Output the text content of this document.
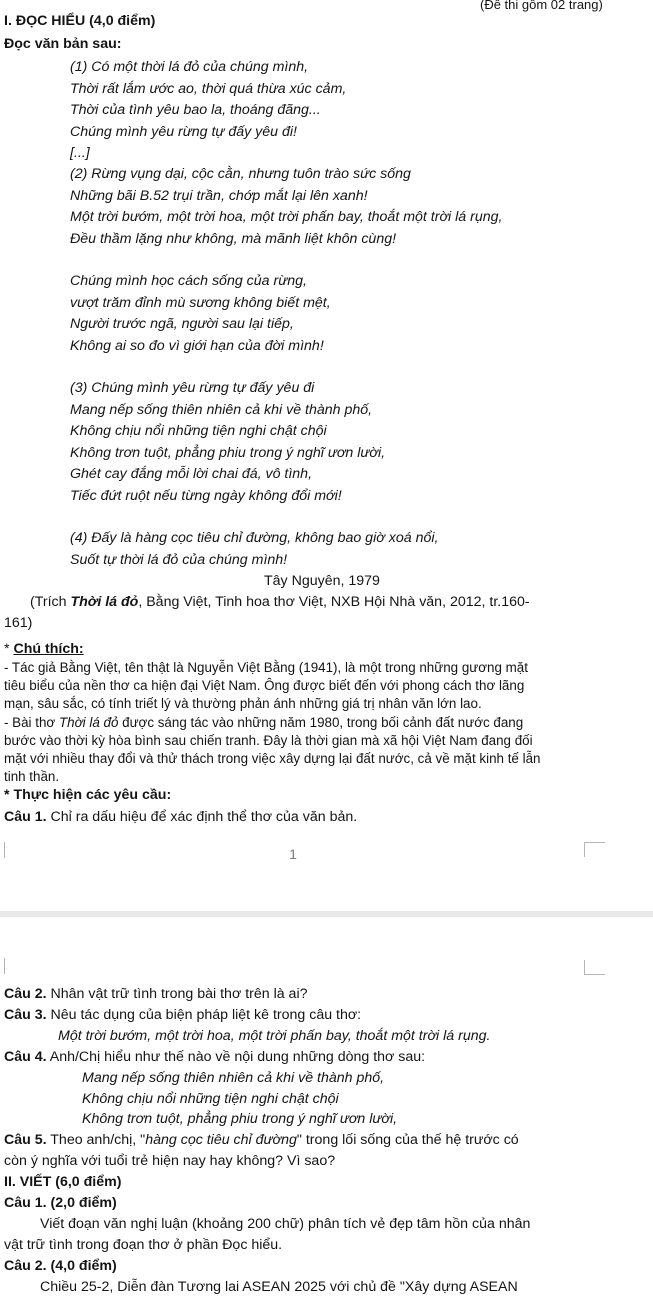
(Đề thi gồm 02 trang)
I. ĐỌC HIỂU (4,0 điểm)
Đọc văn bản sau:
(1) Có một thời lá đỏ của chúng mình,
Thời rất lắm ước ao, thời quá thừa xúc cảm,
Thời của tình yêu bao la, thoáng đãng...
Chúng mình yêu rừng tự đấy yêu đi!
[...]
(2) Rừng vụng dại, cộc cằn, nhưng tuôn trào sức sống
Những bãi B.52 trụi trần, chớp mắt lại lên xanh!
Một trời bướm, một trời hoa, một trời phấn bay, thoắt một trời lá rụng,
Đều thầm lặng như không, mà mãnh liệt khôn cùng!
Chúng mình học cách sống của rừng,
vượt trăm đỉnh mù sương không biết mệt,
Người trước ngã, người sau lại tiếp,
Không ai so đo vì giới hạn của đời mình!
(3) Chúng mình yêu rừng tự đấy yêu đi
Mang nếp sống thiên nhiên cả khi về thành phố,
Không chịu nổi những tiện nghi chật chội
Không trơn tuột, phẳng phiu trong ý nghĩ ươn lười,
Ghét cay đắng mỗi lời chai đá, vô tình,
Tiếc đứt ruột nếu từng ngày không đổi mới!
(4) Đấy là hàng cọc tiêu chỉ đường, không bao giờ xoá nổi,
Suốt tự thời lá đỏ của chúng mình!
Tây Nguyên, 1979
(Trích Thời lá đỏ, Bằng Việt, Tinh hoa thơ Việt, NXB Hội Nhà văn, 2012, tr.160-
161)
* Chú thích:
- Tác giả Bằng Việt, tên thật là Nguyễn Việt Bằng (1941), là một trong những gương mặt
tiêu biểu của nền thơ ca hiện đại Việt Nam. Ông được biết đến với phong cách thơ lãng
mạn, sâu sắc, có tính triết lý và thường phản ánh những giá trị nhân văn lớn lao.
- Bài thơ Thời lá đỏ được sáng tác vào những năm 1980, trong bối cảnh đất nước đang
bước vào thời kỳ hòa bình sau chiến tranh. Đây là thời gian mà xã hội Việt Nam đang đối
mặt với nhiều thay đổi và thử thách trong việc xây dựng lại đất nước, cả về mặt kinh tế lẫn
tinh thần.
* Thực hiện các yêu cầu:
Câu 1. Chỉ ra dấu hiệu để xác định thể thơ của văn bản.
1
Câu 2. Nhân vật trữ tình trong bài thơ trên là ai?
Câu 3. Nêu tác dụng của biện pháp liệt kê trong câu thơ:
Một trời bướm, một trời hoa, một trời phấn bay, thoắt một trời lá rụng.
Câu 4. Anh/Chị hiểu như thế nào về nội dung những dòng thơ sau:
Mang nếp sống thiên nhiên cả khi về thành phố,
Không chịu nổi những tiện nghi chật chội
Không trơn tuột, phẳng phiu trong ý nghĩ ươn lười,
Câu 5. Theo anh/chị, "hàng cọc tiêu chỉ đường" trong lối sống của thế hệ trước có
còn ý nghĩa với tuổi trẻ hiện nay hay không? Vì sao?
II. VIẾT (6,0 điểm)
Câu 1. (2,0 điểm)
Viết đoạn văn nghị luận (khoảng 200 chữ) phân tích vẻ đẹp tâm hồn của nhân
vật trữ tình trong đoạn thơ ở phần Đọc hiểu.
Câu 2. (4,0 điểm)
Chiều 25-2, Diễn đàn Tương lai ASEAN 2025 với chủ đề "Xây dựng ASEAN
